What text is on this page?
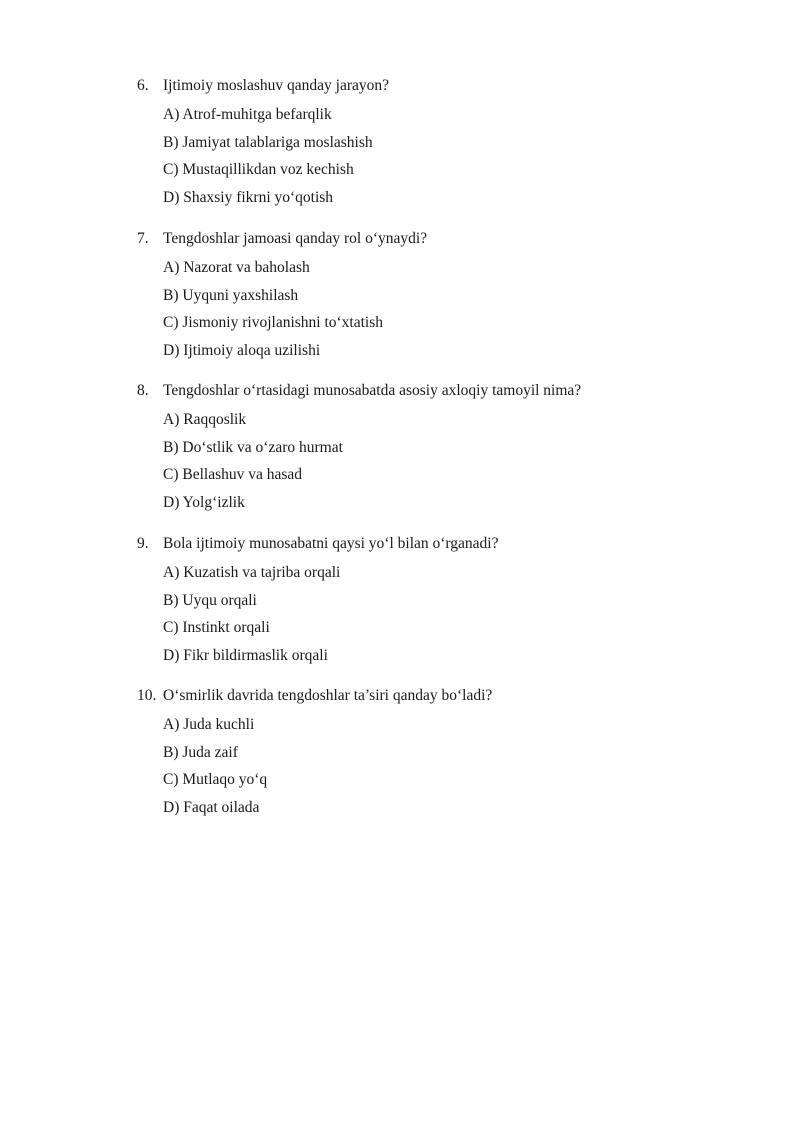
6. Ijtimoiy moslashuv qanday jarayon?
A) Atrof-muhitga befarqlik
B) Jamiyat talablariga moslashish
C) Mustaqillikdan voz kechish
D) Shaxsiy fikrni yo‘qotish
7. Tengdoshlar jamoasi qanday rol o‘ynaydi?
A) Nazorat va baholash
B) Uyquni yaxshilash
C) Jismoniy rivojlanishni to‘xtatish
D) Ijtimoiy aloqa uzilishi
8. Tengdoshlar o‘rtasidagi munosabatda asosiy axloqiy tamoyil nima?
A) Raqqoslik
B) Do‘stlik va o‘zaro hurmat
C) Bellashuv va hasad
D) Yolg‘izlik
9. Bola ijtimoiy munosabatni qaysi yo‘l bilan o‘rganadi?
A) Kuzatish va tajriba orqali
B) Uyqu orqali
C) Instinkt orqali
D) Fikr bildirmaslik orqali
10. O‘smirlik davrida tengdoshlar ta’siri qanday bo‘ladi?
A) Juda kuchli
B) Juda zaif
C) Mutlaqo yo‘q
D) Faqat oilada
